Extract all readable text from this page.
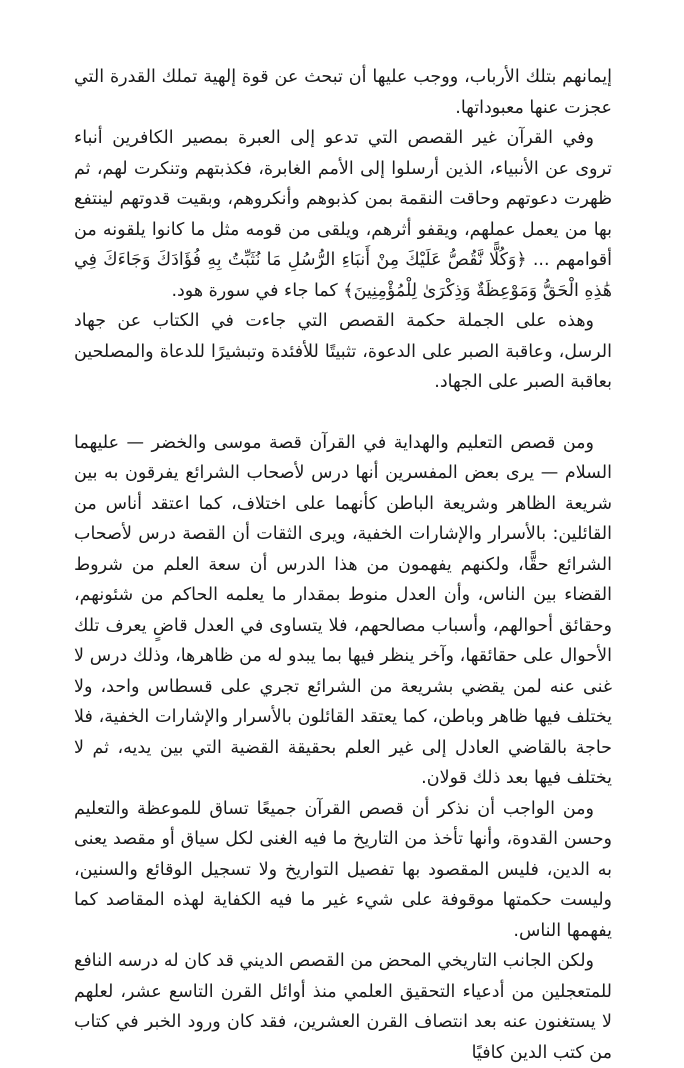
إيمانهم بتلك الأرباب، ووجب عليها أن تبحث عن قوة إلهية تملك القدرة التي عجزت عنها معبوداتها.

وفي القرآن غير القصص التي تدعو إلى العبرة بمصير الكافرين أنباء تروى عن الأنبياء، الذين أرسلوا إلى الأمم الغابرة، فكذبتهم وتنكرت لهم، ثم ظهرت دعوتهم وحاقت النقمة بمن كذبوهم وأنكروهم، وبقيت قدوتهم لينتفع بها من يعمل عملهم، ويقفو أثرهم، ويلقى من قومه مثل ما كانوا يلقونه من أقوامهم ... ﴿وَكُلًّا نَّقُصُّ عَلَيْكَ مِنْ أَنبَاءِ الرُّسُلِ مَا نُثَبِّتُ بِهِ فُؤَادَكَ وَجَاءَكَ فِي هَٰذِهِ الْحَقُّ وَمَوْعِظَةٌ وَذِكْرَىٰ لِلْمُؤْمِنِينَ﴾ كما جاء في سورة هود.

وهذه على الجملة حكمة القصص التي جاءت في الكتاب عن جهاد الرسل، وعاقبة الصبر على الدعوة، تثبيتًا للأفئدة وتبشيرًا للدعاة والمصلحين بعاقبة الصبر على الجهاد.

ومن قصص التعليم والهداية في القرآن قصة موسى والخضر — عليهما السلام — يرى بعض المفسرين أنها درس لأصحاب الشرائع يفرقون به بين شريعة الظاهر وشريعة الباطن كأنهما على اختلاف، كما اعتقد أناس من القائلين: بالأسرار والإشارات الخفية، ويرى الثقات أن القصة درس لأصحاب الشرائع حقًّا، ولكنهم يفهمون من هذا الدرس أن سعة العلم من شروط القضاء بين الناس، وأن العدل منوط بمقدار ما يعلمه الحاكم من شئونهم، وحقائق أحوالهم، وأسباب مصالحهم، فلا يتساوى في العدل قاضٍ يعرف تلك الأحوال على حقائقها، وآخر ينظر فيها بما يبدو له من ظاهرها، وذلك درس لا غنى عنه لمن يقضي بشريعة من الشرائع تجري على قسطاس واحد، ولا يختلف فيها ظاهر وباطن، كما يعتقد القائلون بالأسرار والإشارات الخفية، فلا حاجة بالقاضي العادل إلى غير العلم بحقيقة القضية التي بين يديه، ثم لا يختلف فيها بعد ذلك قولان.

ومن الواجب أن نذكر أن قصص القرآن جميعًا تساق للموعظة والتعليم وحسن القدوة، وأنها تأخذ من التاريخ ما فيه الغنى لكل سياق أو مقصد يعنى به الدين، فليس المقصود بها تفصيل التواريخ ولا تسجيل الوقائع والسنين، وليست حكمتها موقوفة على شيء غير ما فيه الكفاية لهذه المقاصد كما يفهمها الناس.

ولكن الجانب التاريخي المحض من القصص الديني قد كان له درسه النافع للمتعجلين من أدعياء التحقيق العلمي منذ أوائل القرن التاسع عشر، لعلهم لا يستغنون عنه بعد انتصاف القرن العشرين، فقد كان ورود الخبر في كتاب من كتب الدين كافيًا
